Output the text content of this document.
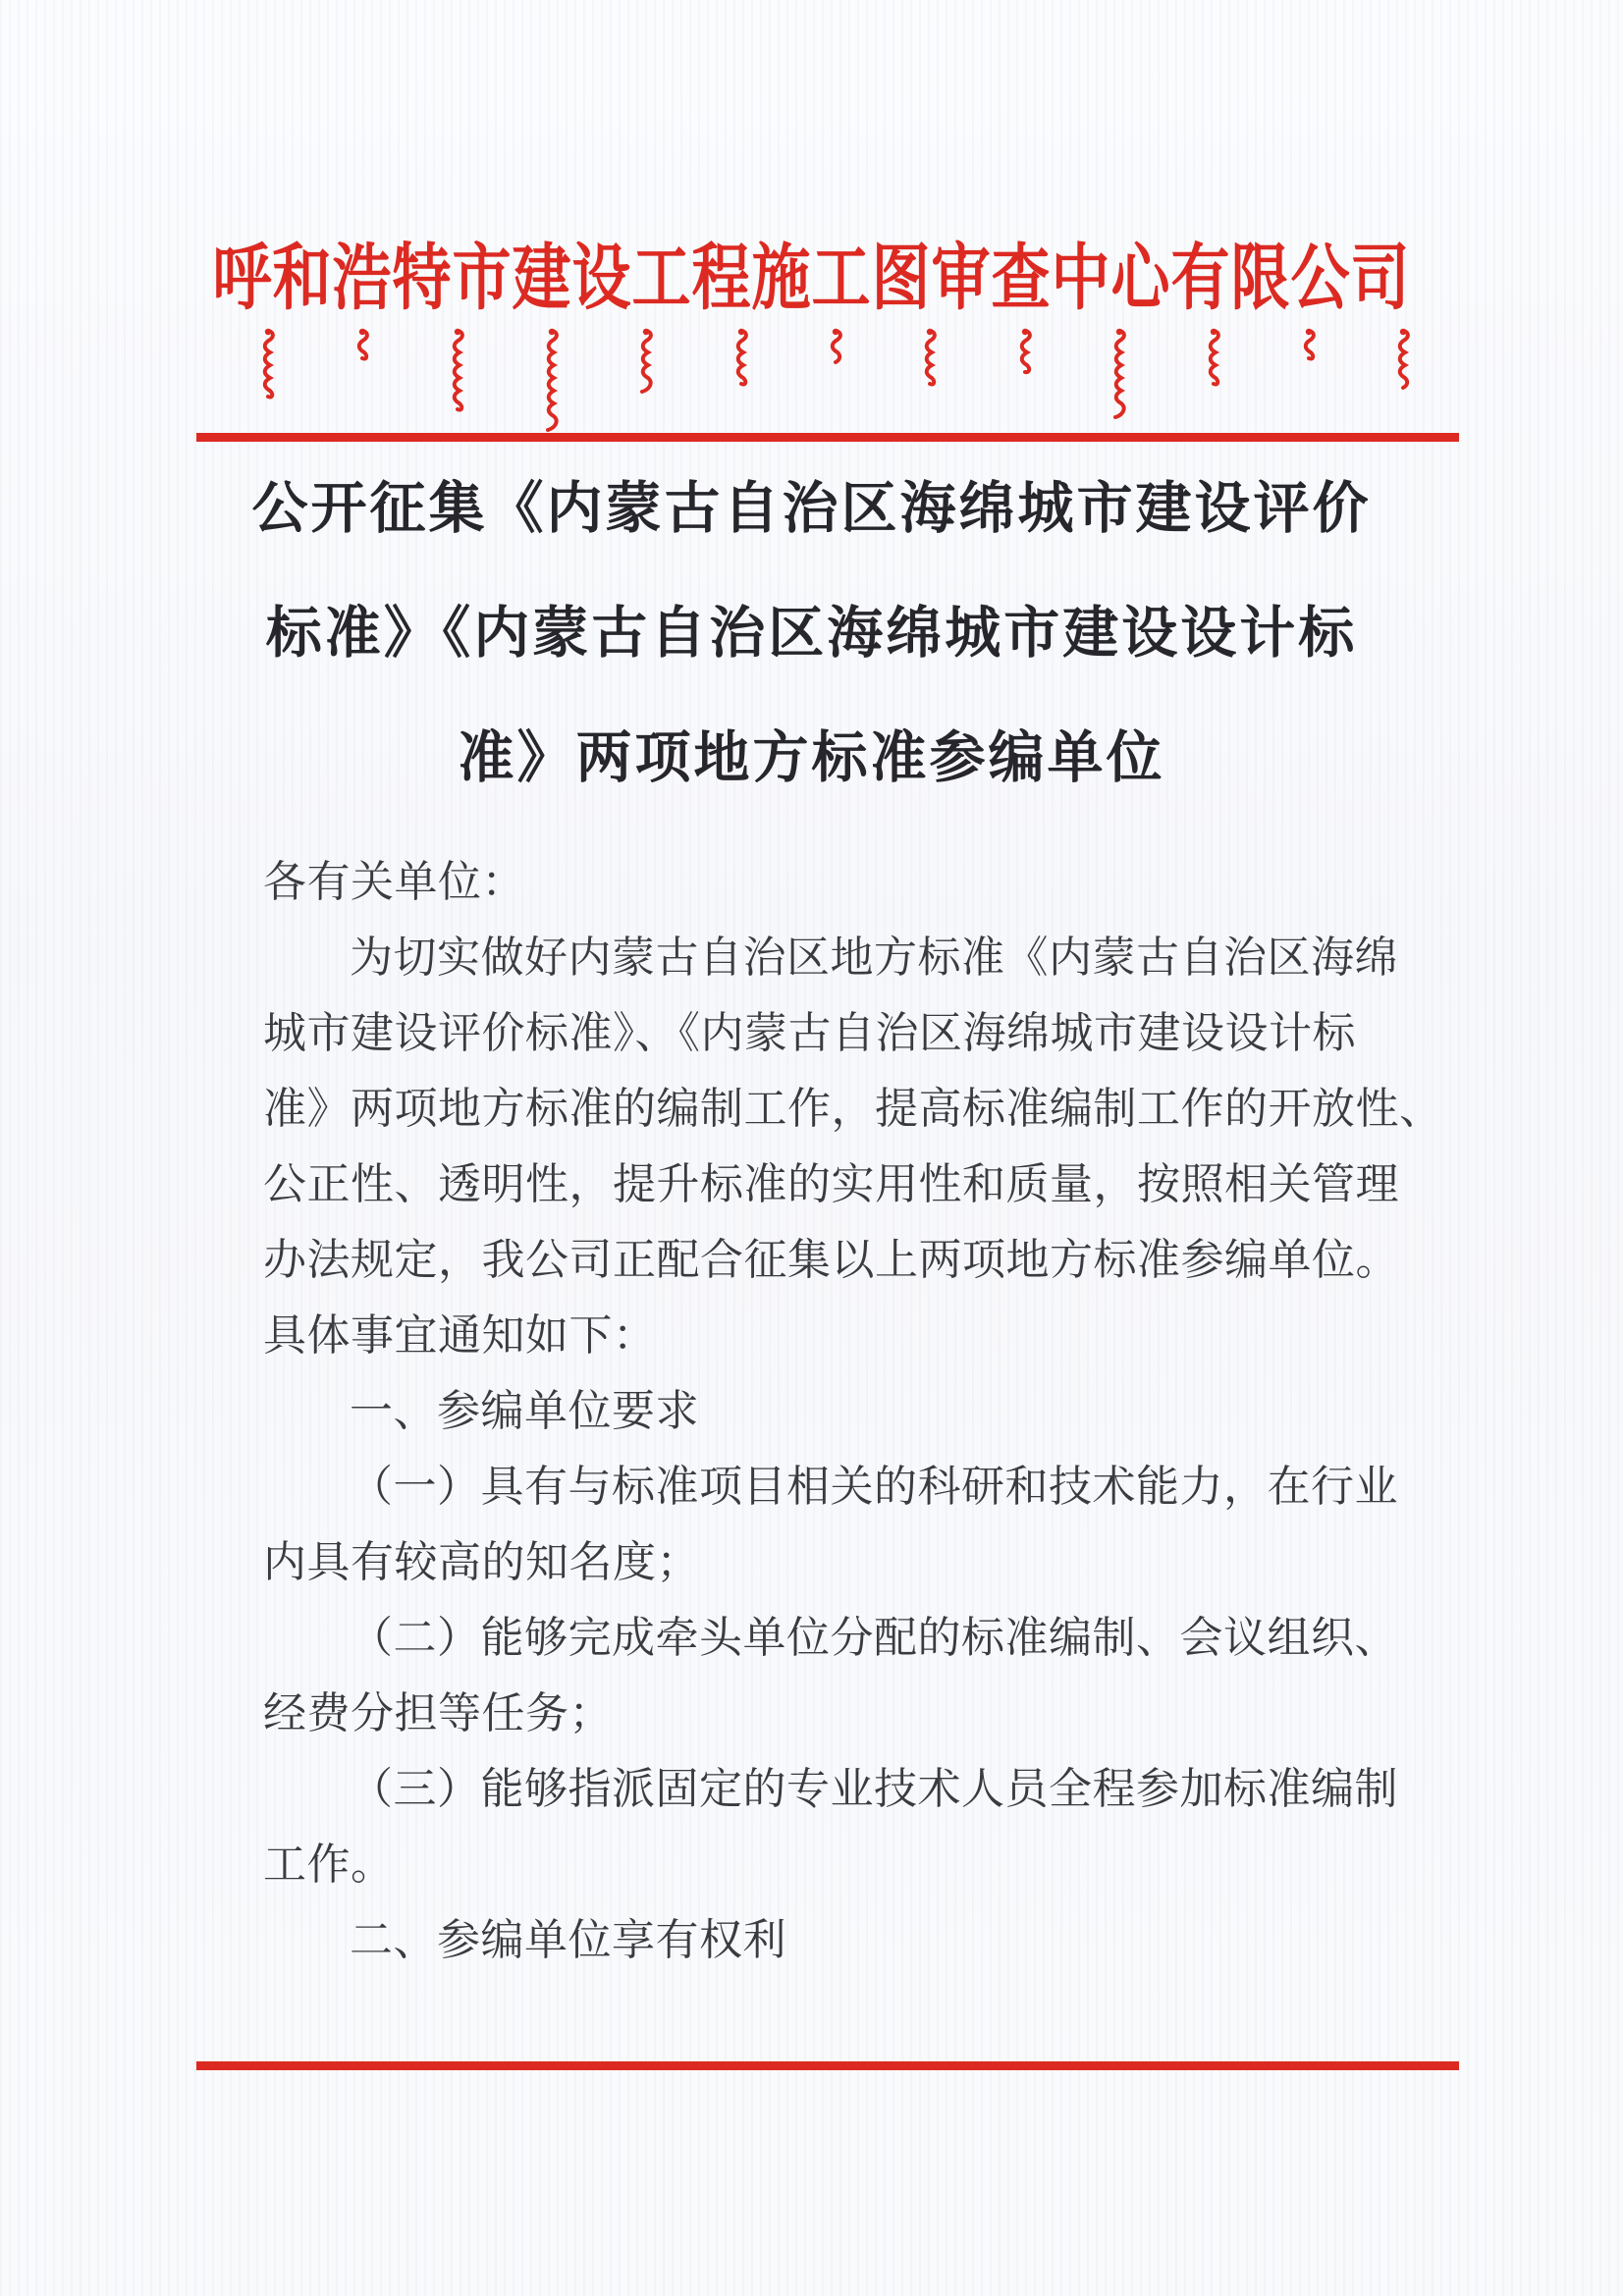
呼和浩特市建设工程施工图审查中心有限公司
公开征集《内蒙古自治区海绵城市建设评价
标准》《内蒙古自治区海绵城市建设设计标
准》两项地方标准参编单位

各有关单位：

为切实做好内蒙古自治区地方标准《内蒙古自治区海绵

城市建设评价标准》、《内蒙古自治区海绵城市建设设计标

准》两项地方标准的编制工作，提高标准编制工作的开放性、

公正性、透明性，提升标准的实用性和质量，按照相关管理

办法规定，我公司正配合征集以上两项地方标准参编单位。

具体事宜通知如下：

一、参编单位要求

（一）具有与标准项目相关的科研和技术能力，在行业

内具有较高的知名度；

（二）能够完成牵头单位分配的标准编制、会议组织、

经费分担等任务；

（三）能够指派固定的专业技术人员全程参加标准编制

工作。

二、参编单位享有权利
